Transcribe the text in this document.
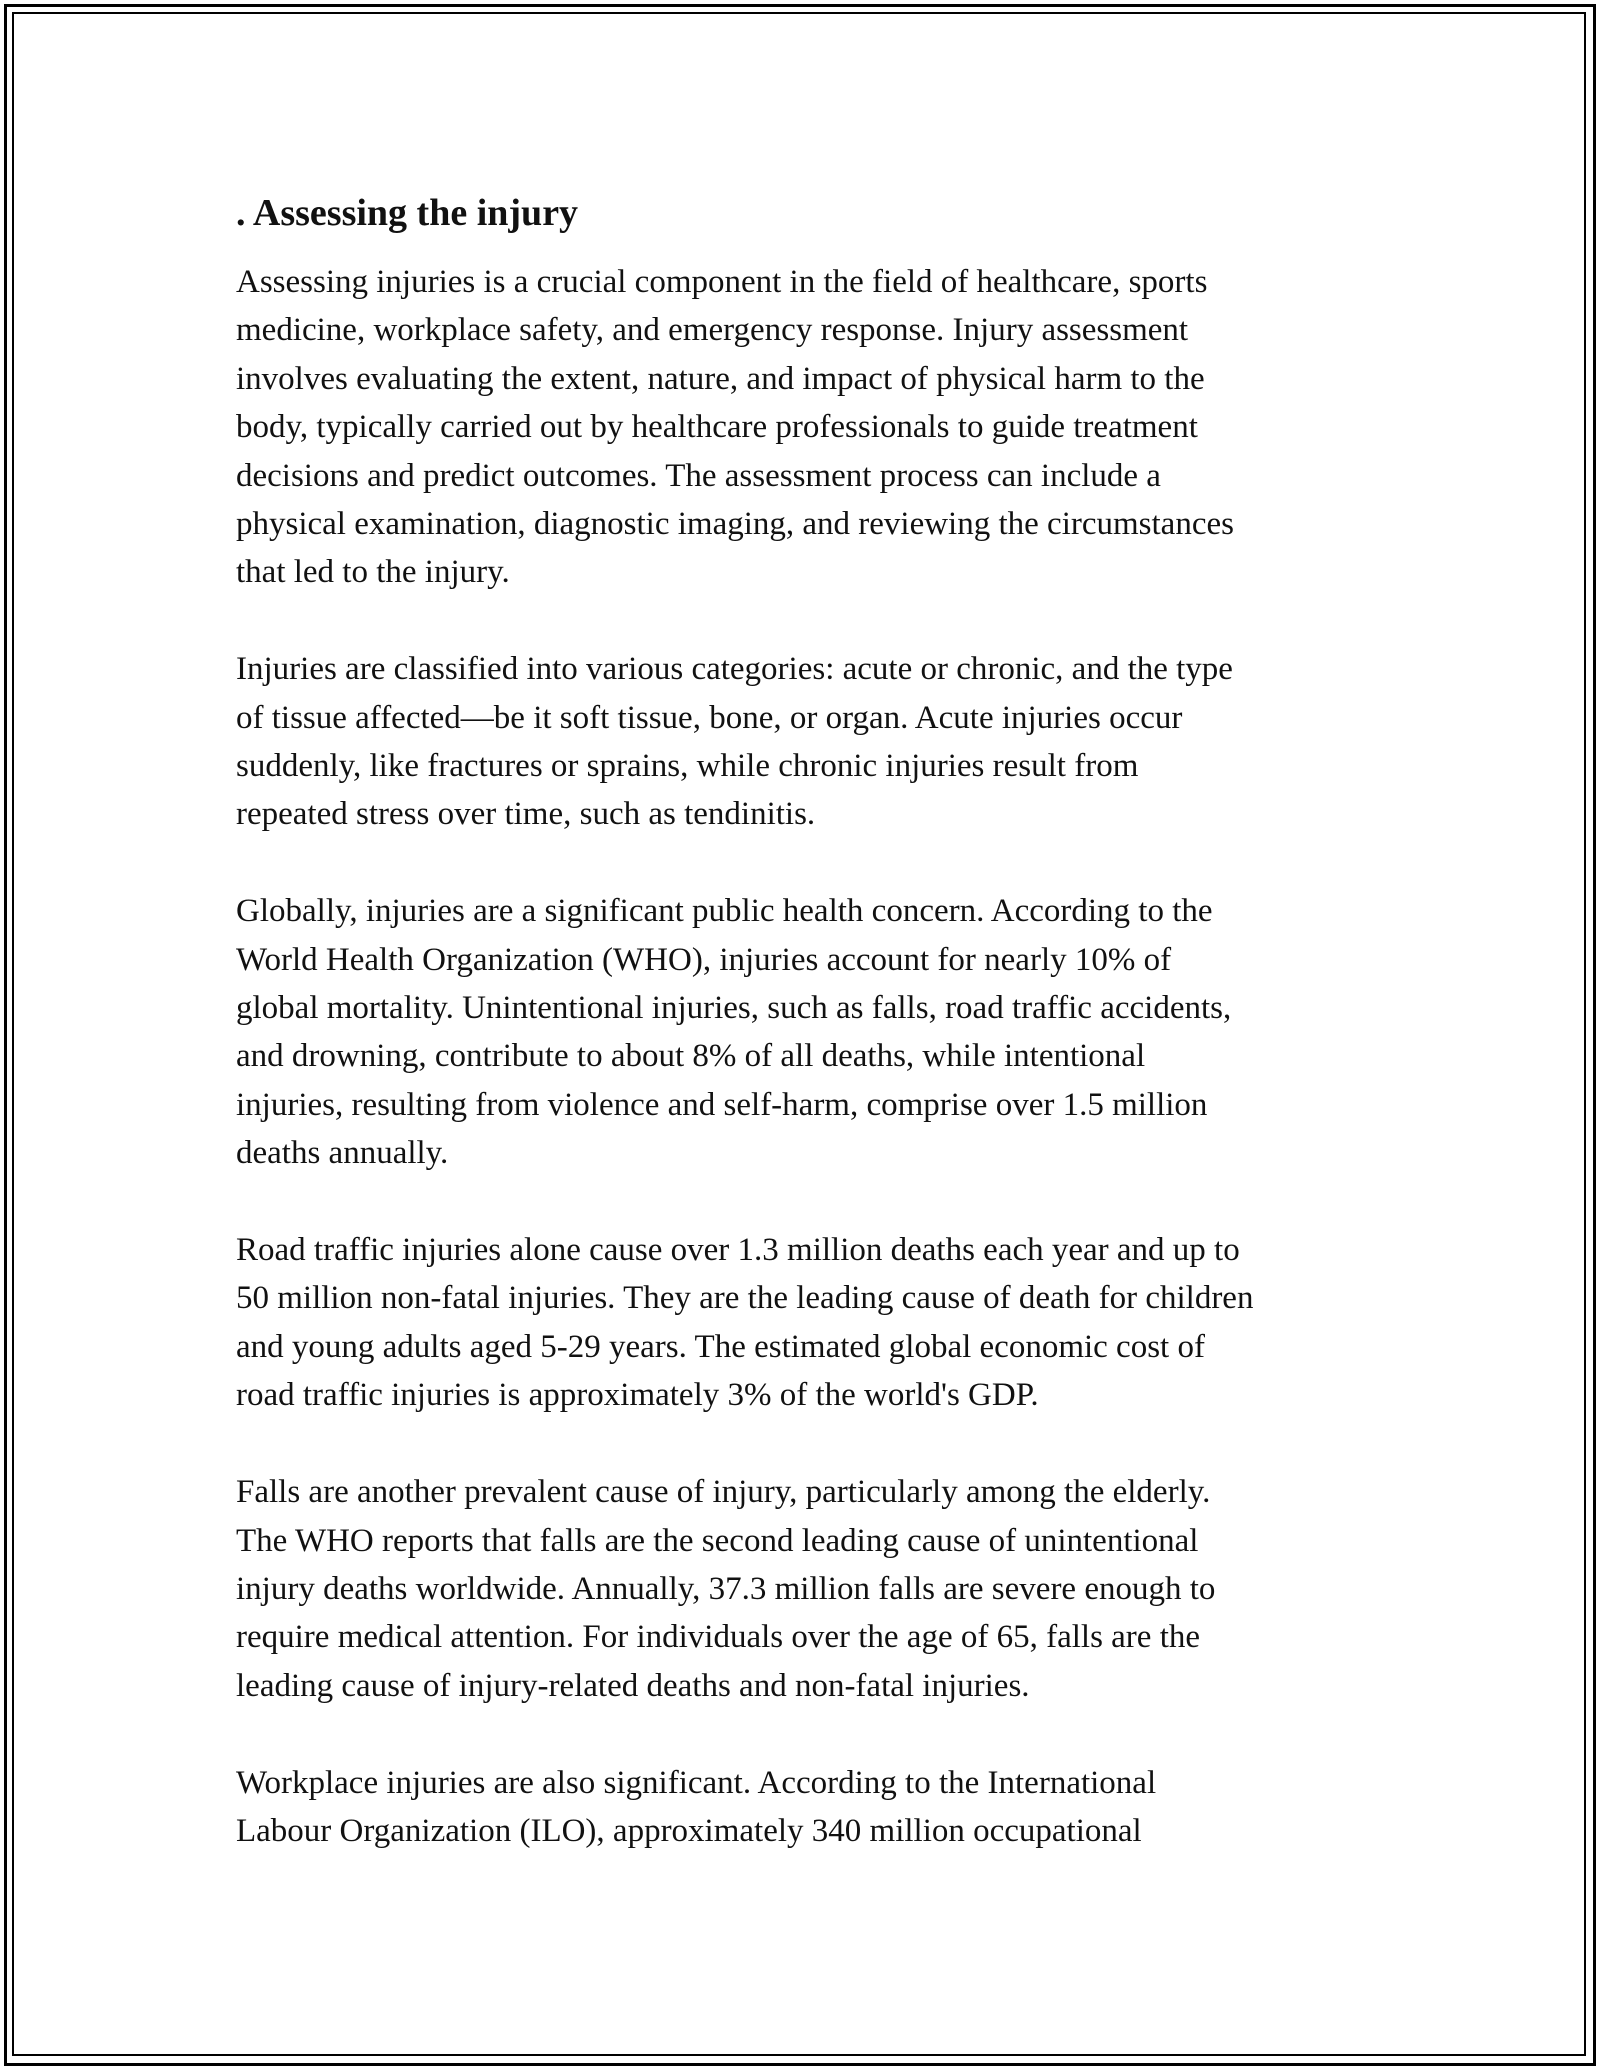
. Assessing the injury
Assessing injuries is a crucial component in the field of healthcare, sports
medicine, workplace safety, and emergency response. Injury assessment
involves evaluating the extent, nature, and impact of physical harm to the
body, typically carried out by healthcare professionals to guide treatment
decisions and predict outcomes. The assessment process can include a
physical examination, diagnostic imaging, and reviewing the circumstances
that led to the injury.
Injuries are classified into various categories: acute or chronic, and the type
of tissue affected—be it soft tissue, bone, or organ. Acute injuries occur
suddenly, like fractures or sprains, while chronic injuries result from
repeated stress over time, such as tendinitis.
Globally, injuries are a significant public health concern. According to the
World Health Organization (WHO), injuries account for nearly 10% of
global mortality. Unintentional injuries, such as falls, road traffic accidents,
and drowning, contribute to about 8% of all deaths, while intentional
injuries, resulting from violence and self-harm, comprise over 1.5 million
deaths annually.
Road traffic injuries alone cause over 1.3 million deaths each year and up to
50 million non-fatal injuries. They are the leading cause of death for children
and young adults aged 5-29 years. The estimated global economic cost of
road traffic injuries is approximately 3% of the world's GDP.
Falls are another prevalent cause of injury, particularly among the elderly.
The WHO reports that falls are the second leading cause of unintentional
injury deaths worldwide. Annually, 37.3 million falls are severe enough to
require medical attention. For individuals over the age of 65, falls are the
leading cause of injury-related deaths and non-fatal injuries.
Workplace injuries are also significant. According to the International
Labour Organization (ILO), approximately 340 million occupational
